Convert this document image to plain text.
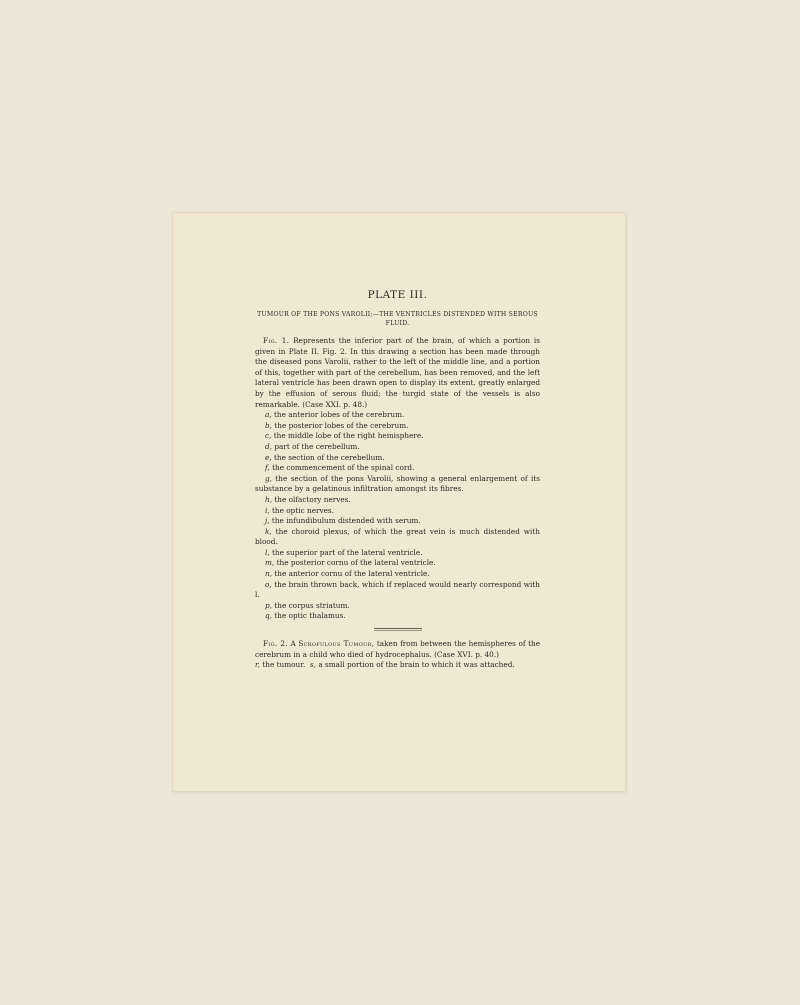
PLATE III.
TUMOUR OF THE PONS VAROLII;—THE VENTRICLES DISTENDED WITH SEROUS FLUID.

Fig. 1. Represents the inferior part of the brain, of which a portion is given in Plate II. Fig. 2. In this drawing a section has been made through the diseased pons Varolii, rather to the left of the middle line, and a portion of this, together with part of the cerebellum, has been removed, and the left lateral ventricle has been drawn open to display its extent, greatly enlarged by the effusion of serous fluid; the turgid state of the vessels is also remarkable. (Case XXI. p. 48.)

a, the anterior lobes of the cerebrum.

b, the posterior lobes of the cerebrum.

c, the middle lobe of the right hemisphere.

d, part of the cerebellum.

e, the section of the cerebellum.

f, the commencement of the spinal cord.

g, the section of the pons Varolii, showing a general enlargement of its substance by a gelatinous infiltration amongst its fibres.

h, the olfactory nerves.

i, the optic nerves.

j, the infundibulum distended with serum.

k, the choroid plexus, of which the great vein is much distended with blood.

l, the superior part of the lateral ventricle.

m, the posterior cornu of the lateral ventricle.

n, the anterior cornu of the lateral ventricle.

o, the brain thrown back, which if replaced would nearly correspond with l.

p, the corpus striatum.

q, the optic thalamus.

Fig. 2. A Scrofulous Tumour, taken from between the hemispheres of the cerebrum in a child who died of hydrocephalus. (Case XVI. p. 40.)

r, the tumour. s, a small portion of the brain to which it was attached.
